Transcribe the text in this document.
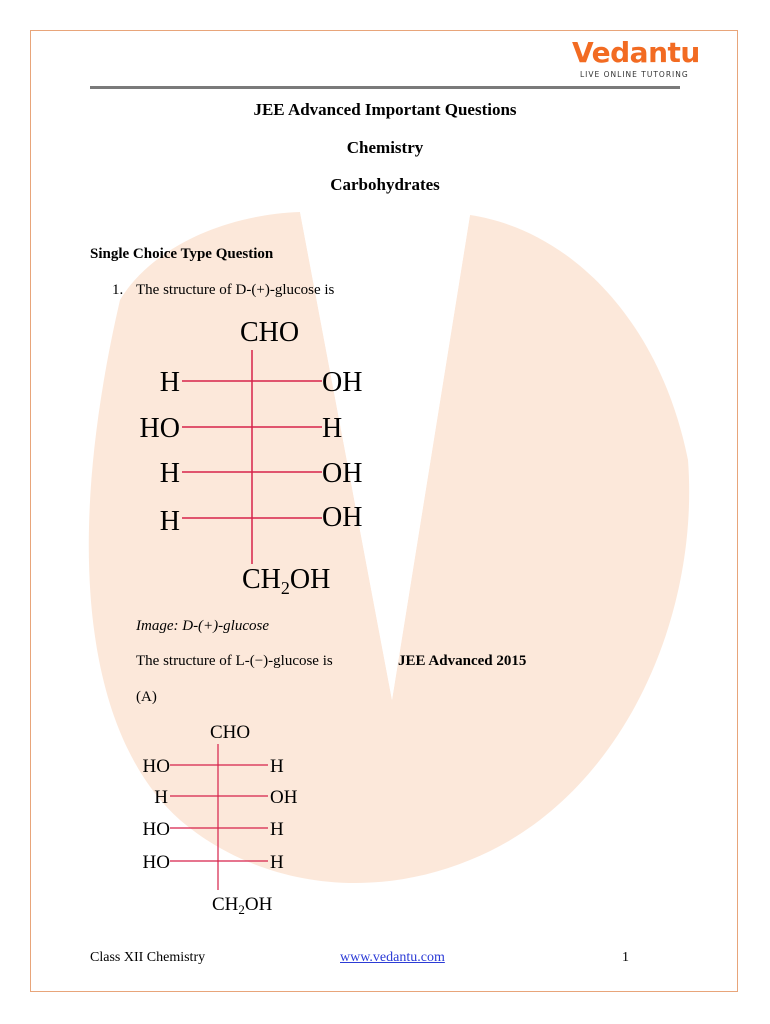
Vedantu
LIVE ONLINE TUTORING
JEE Advanced Important Questions
Chemistry
Carbohydrates
Single Choice Type Question
1. The structure of D-(+)-glucose is
CHO
H	OH
HO	H
H	OH
H	OH
$CH_2OH$
CHO
HO	H
H	OH
HO	H
HO	H
$CH_2OH$
Image: D-(+)-glucose
The structure of L-(−)-glucose is	JEE Advanced 2015
(A)
Class XII Chemistry	www.vedantu.com	1
